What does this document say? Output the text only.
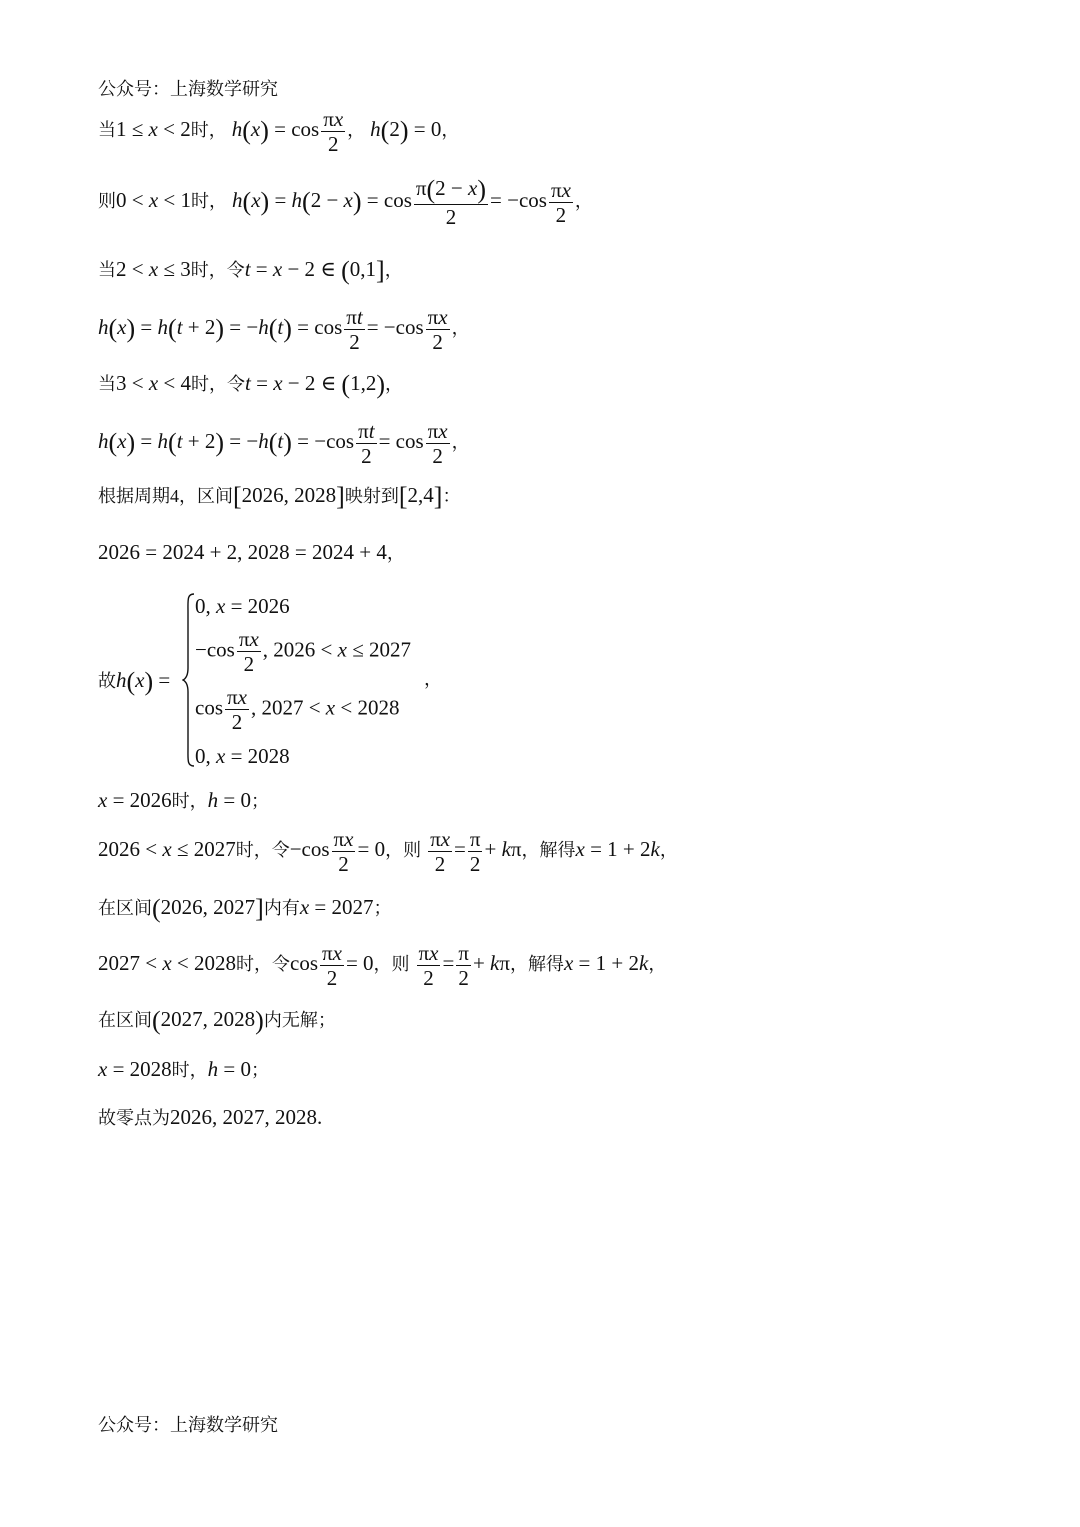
公众号：上海数学研究
当1 ≤ x < 2时， $h(x) = \cos \frac{\pi x}{2}$ ， h(2) = 0，
则0 < x < 1时， $h(x) = h(2 - x) = \cos \frac{\pi(2 - x)}{2} = -\cos \frac{\pi x}{2}$ ，
当2 < x ≤ 3时，令t = x − 2 ∈ (0,1]，
$h(x) = h(t + 2) = -h(t) = \cos \frac{\pi t}{2} = -\cos \frac{\pi x}{2}$ ，
当3 < x < 4时，令t = x − 2 ∈ (1,2)，
$h(x) = h(t + 2) = -h(t) = -\cos \frac{\pi t}{2} = \cos \frac{\pi x}{2}$ ，
根据周期4，区间[2026, 2028]映射到[2,4]：
2026 = 2024 + 2, 2028 = 2024 + 4，
故h(x) =
0, x = 2026
$-\cos \frac{\pi x}{2}$ , 2026 < x ≤ 2027
$\cos \frac{\pi x}{2}$ , 2027 < x < 2028
0, x = 2028
，
x = 2026时，h = 0；
2026 < x ≤ 2027时，令$-\cos \frac{\pi x}{2} = 0$，则 $\frac{\pi x}{2} = \frac{\pi}{2} + k\pi$，解得x = 1 + 2k，
在区间(2026, 2027]内有x = 2027；
2027 < x < 2028时，令$\cos \frac{\pi x}{2} = 0$，则 $\frac{\pi x}{2} = \frac{\pi}{2} + k\pi$，解得x = 1 + 2k，
在区间(2027, 2028)内无解；
x = 2028时，h = 0；
故零点为2026, 2027, 2028.
公众号：上海数学研究
